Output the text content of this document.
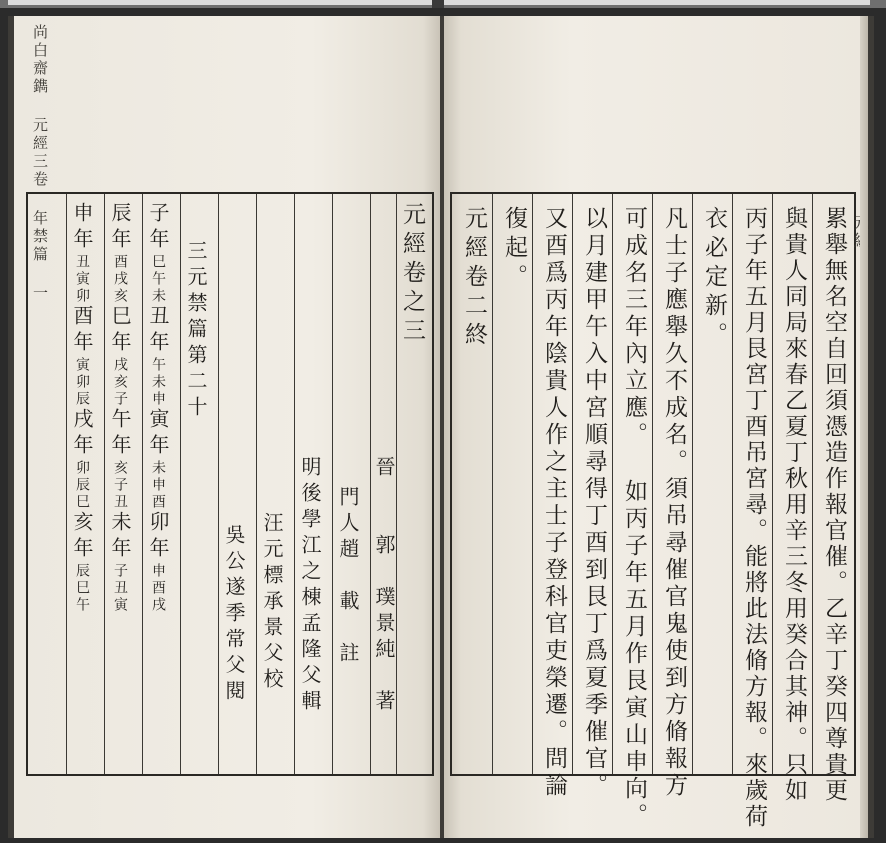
尚白齋鐫 元經三卷 年禁篇 一 申年丑寅卯酉年寅卯辰戌年卯辰巳亥年辰巳午
辰年酉戌亥巳年戌亥子午年亥子丑未年子丑寅
子年巳午未丑年午未申寅年未申酉卯年申酉戌
三元禁篇第二十
吳公遂季常父閱 汪元標承景父校 明後學江之棟孟隆父輯 門人趙　載　註 晉　　郭　璞景純　著
元經卷之三 元經卷二終 復起。 又酉爲丙年陰貴人作之主士子登科官吏榮遷。問論 以月建甲午入中宮順尋得丁酉到艮丁爲夏季催官。 可成名三年內立應。 如丙子年五月作艮寅山申向。 凡士子應舉久不成名。須吊尋催官鬼使到方脩報方 衣必定新。 丙子年五月艮宮丁酉吊宮尋。能將此法脩方報。來歲荷 與貴人同局來春乙夏丁秋用辛三冬用癸合其神。只如 累舉無名空自回須憑造作報官催。乙辛丁癸四尊貴更
